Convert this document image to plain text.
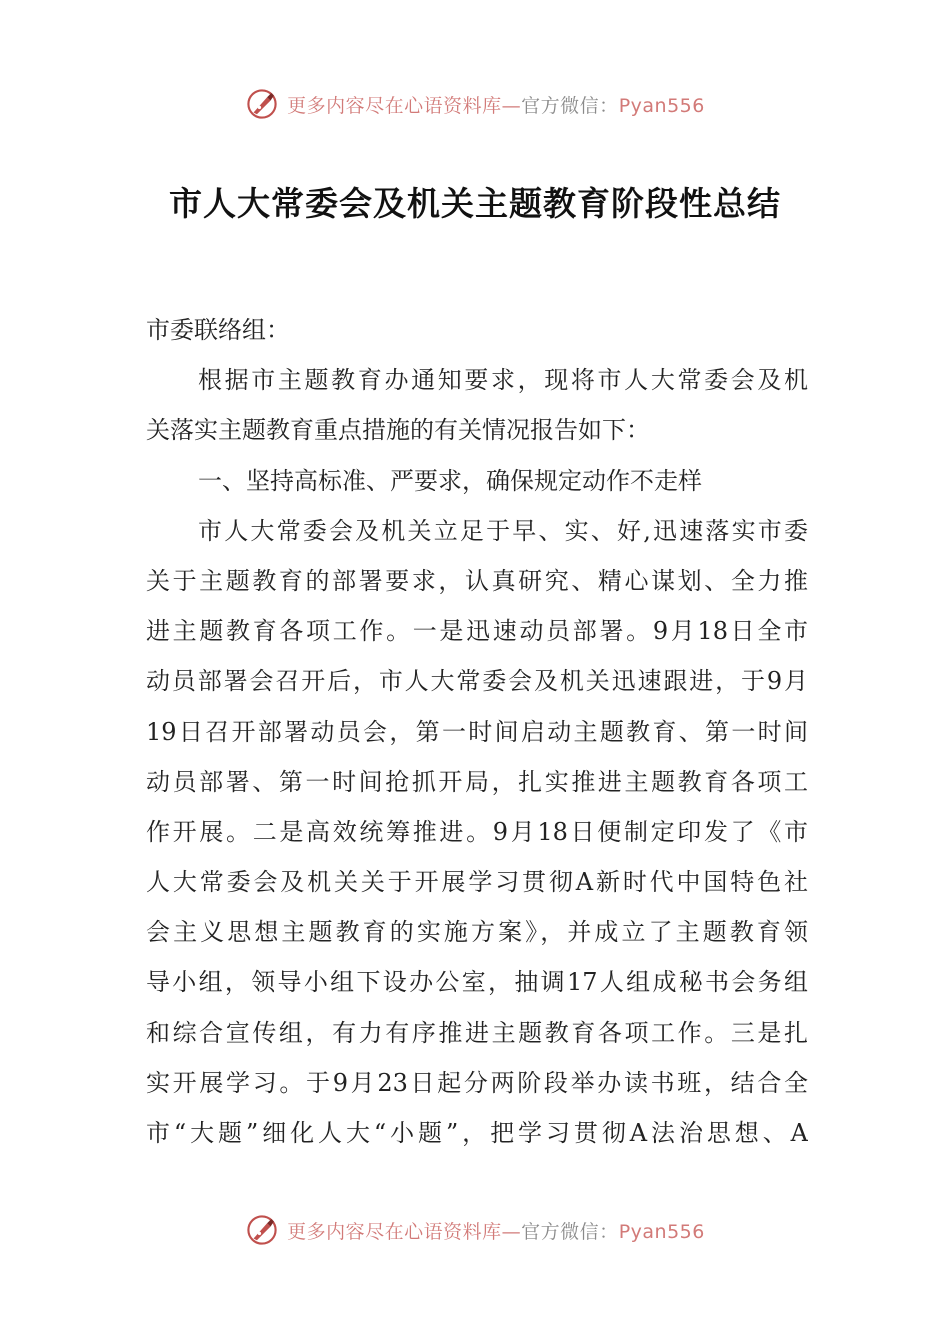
更多内容尽在心语资料库—官方微信：Pyan556
市人大常委会及机关主题教育阶段性总结
市委联络组：
根据市主题教育办通知要求，现将市人大常委会及机
关落实主题教育重点措施的有关情况报告如下：
一、坚持高标准、严要求，确保规定动作不走样
市人大常委会及机关立足于早、实、好,迅速落实市委
关于主题教育的部署要求，认真研究、精心谋划、全力推
进主题教育各项工作。一是迅速动员部署。9月18日全市
动员部署会召开后，市人大常委会及机关迅速跟进，于9月
19日召开部署动员会，第一时间启动主题教育、第一时间
动员部署、第一时间抢抓开局，扎实推进主题教育各项工
作开展。二是高效统筹推进。9月18日便制定印发了《市
人大常委会及机关关于开展学习贯彻A新时代中国特色社
会主义思想主题教育的实施方案》，并成立了主题教育领
导小组，领导小组下设办公室，抽调17人组成秘书会务组
和综合宣传组，有力有序推进主题教育各项工作。三是扎
实开展学习。于9月23日起分两阶段举办读书班，结合全
市“大题”细化人大“小题”，把学习贯彻A法治思想、A
更多内容尽在心语资料库—官方微信：Pyan556
